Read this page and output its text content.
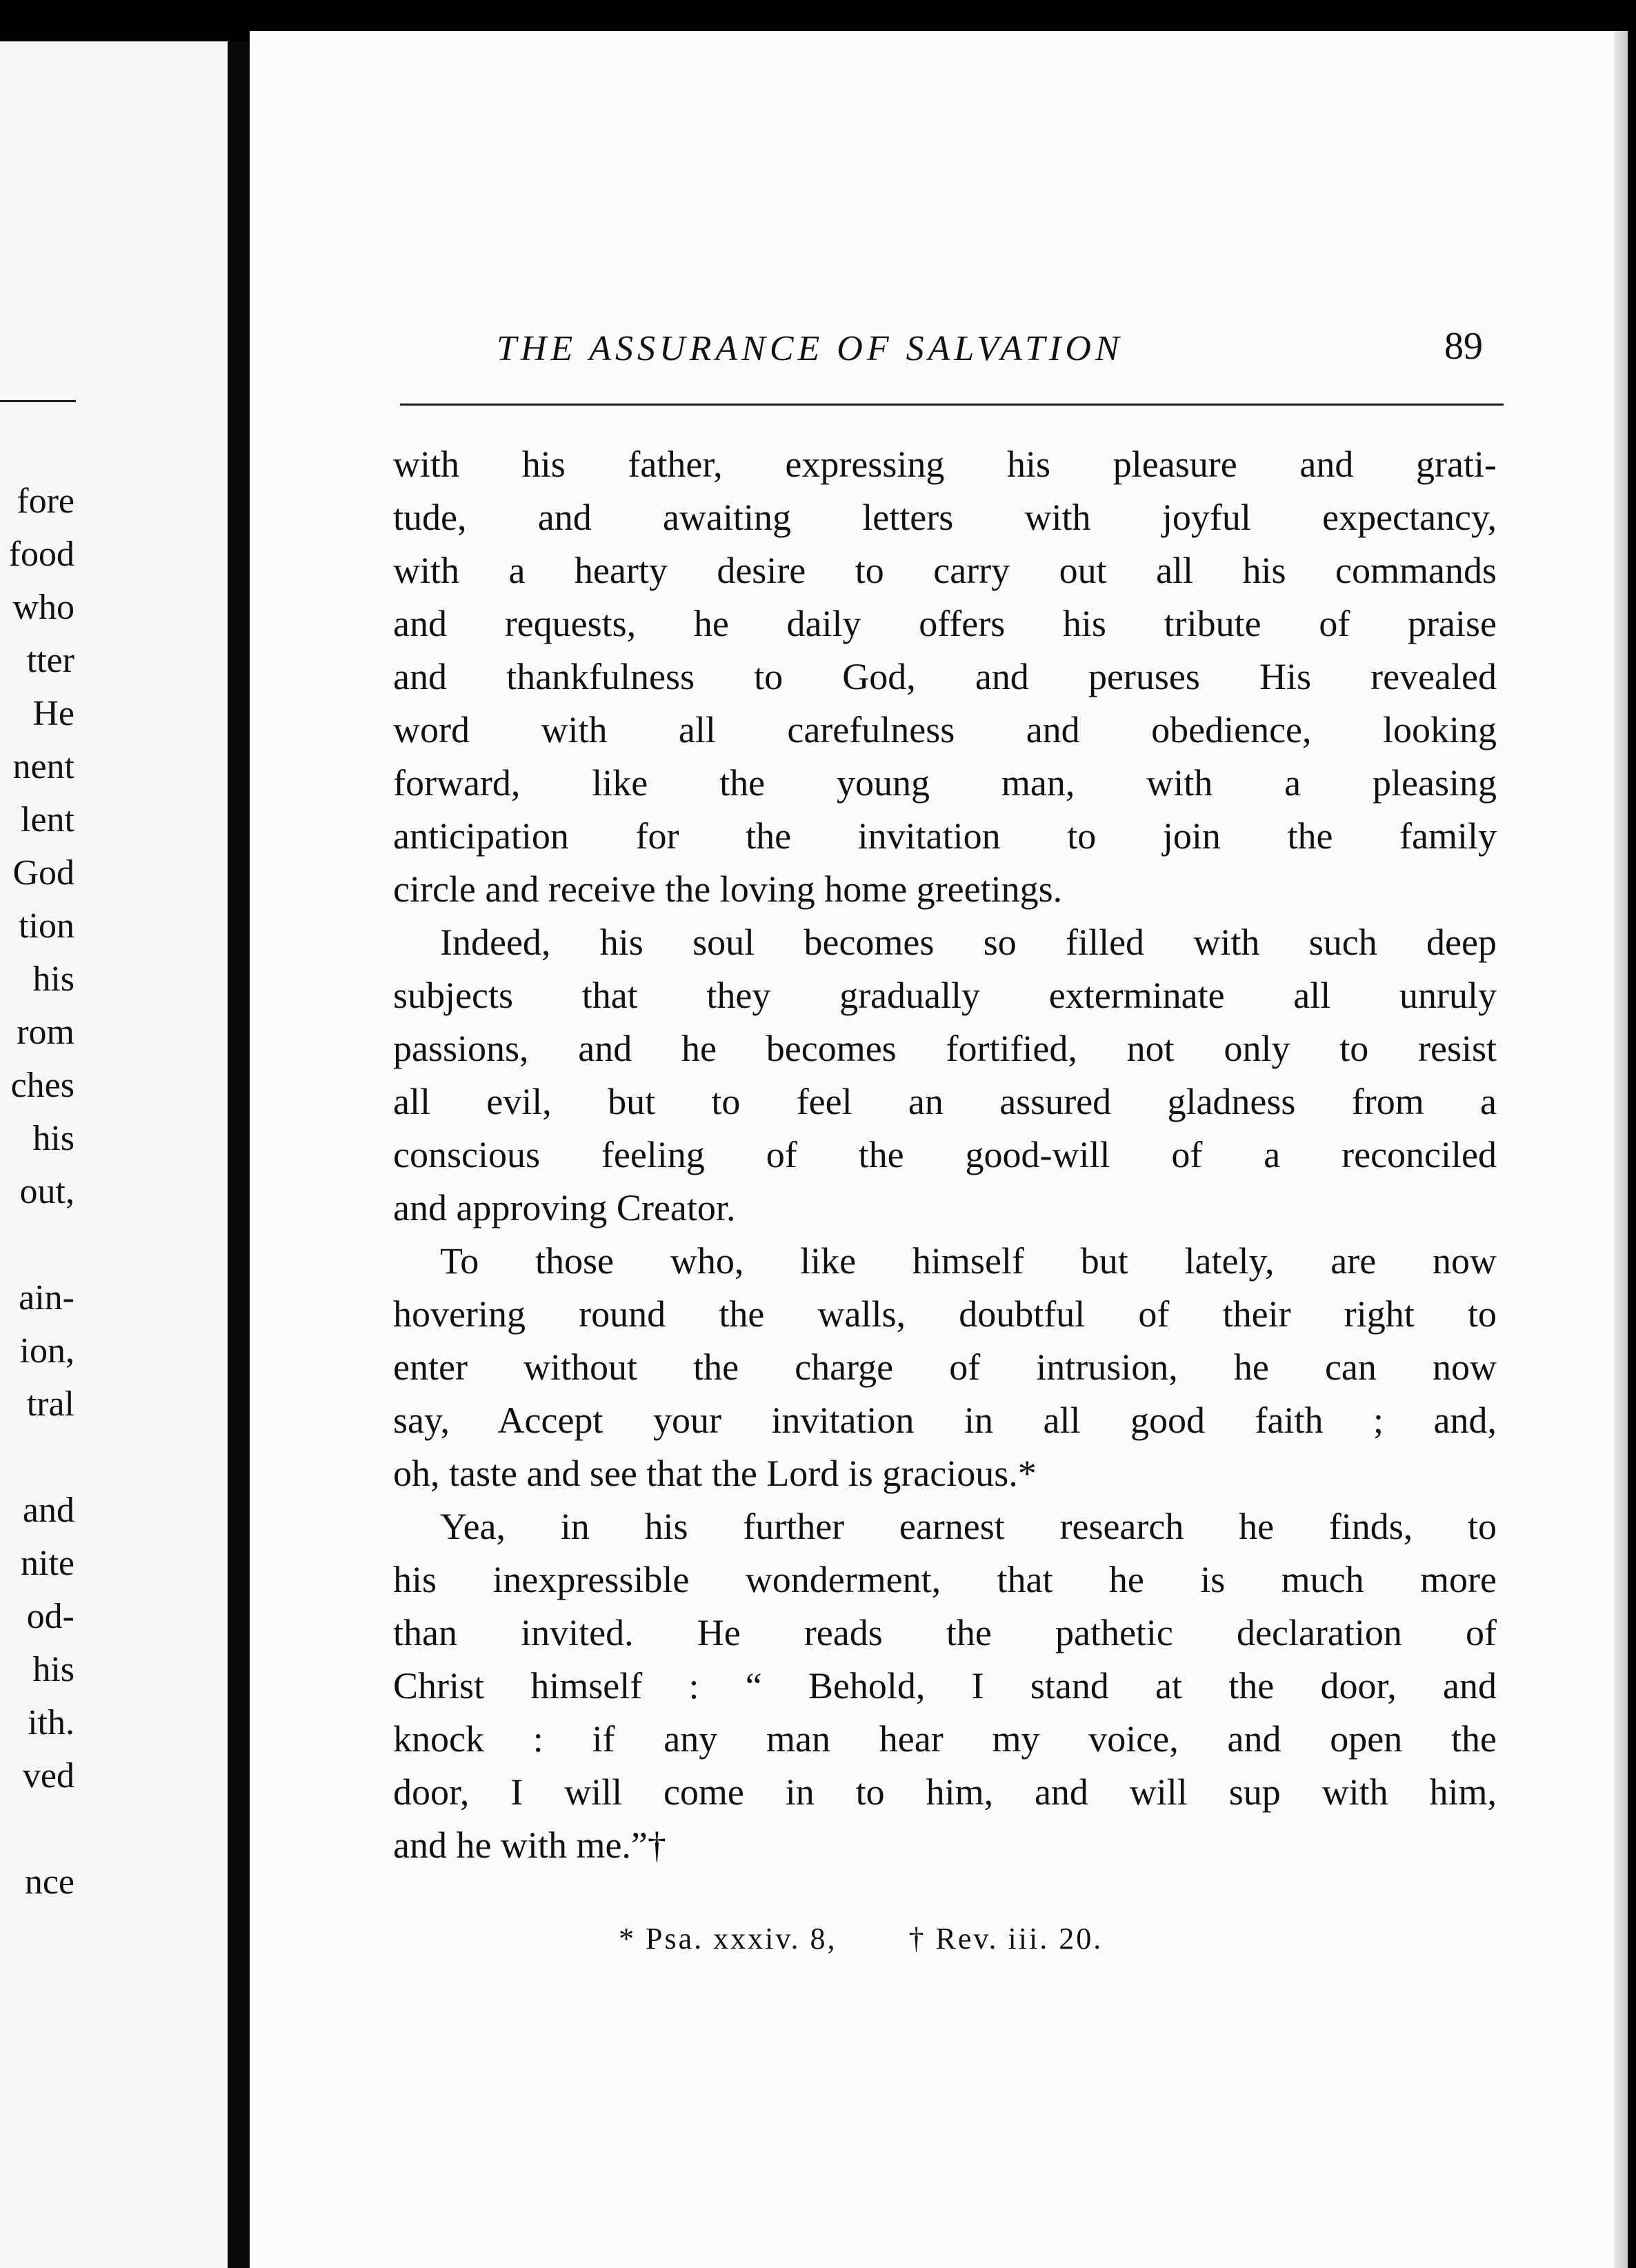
fore
food
who
tter
He
nent
lent
God
tion
his
rom
ches
his
out,
ain-
ion,
tral
and
nite
od-
his
ith.
ved
nce
THE ASSURANCE OF SALVATION	89
with his father, expressing his pleasure and grati-
tude, and awaiting letters with joyful expectancy,
with a hearty desire to carry out all his commands
and requests, he daily offers his tribute of praise
and thankfulness to God, and peruses His revealed
word with all carefulness and obedience, looking
forward, like the young man, with a pleasing
anticipation for the invitation to join the family
circle and receive the loving home greetings.
Indeed, his soul becomes so filled with such deep
subjects that they gradually exterminate all unruly
passions, and he becomes fortified, not only to resist
all evil, but to feel an assured gladness from a
conscious feeling of the good-will of a reconciled
and approving Creator.
To those who, like himself but lately, are now
hovering round the walls, doubtful of their right to
enter without the charge of intrusion, he can now
say, Accept your invitation in all good faith ; and,
oh, taste and see that the Lord is gracious.*
Yea, in his further earnest research he finds, to
his inexpressible wonderment, that he is much more
than invited. He reads the pathetic declaration of
Christ himself : “ Behold, I stand at the door, and
knock : if any man hear my voice, and open the
door, I will come in to him, and will sup with him,
and he with me.”†
* Psa. xxxiv. 8, † Rev. iii. 20.
